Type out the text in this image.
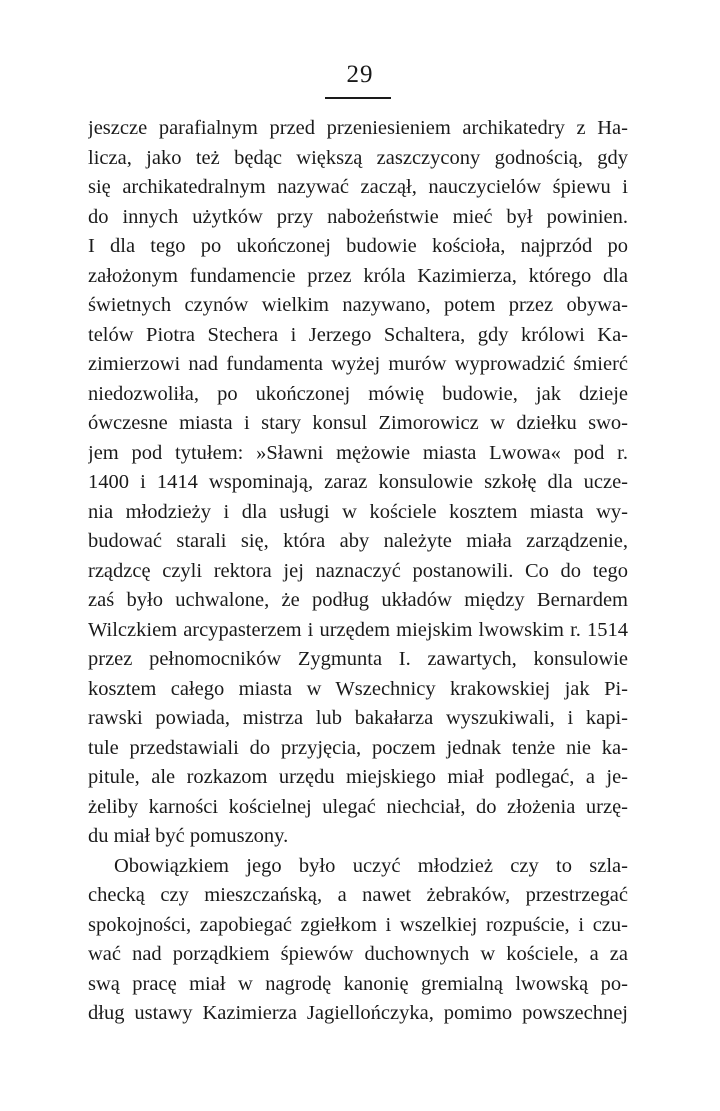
29
jeszcze parafialnym przed przeniesieniem archikatedry z Ha-
licza, jako też będąc większą zaszczycony godnością, gdy
się archikatedralnym nazywać zaczął, nauczycielów śpiewu i
do innych użytków przy nabożeństwie mieć był powinien.
I dla tego po ukończonej budowie kościoła, najprzód po
założonym fundamencie przez króla Kazimierza, którego dla
świetnych czynów wielkim nazywano, potem przez obywa-
telów Piotra Stechera i Jerzego Schaltera, gdy królowi Ka-
zimierzowi nad fundamenta wyżej murów wyprowadzić śmierć
niedozwoliła, po ukończonej mówię budowie, jak dzieje
ówczesne miasta i stary konsul Zimorowicz w dziełku swo-
jem pod tytułem: »Sławni mężowie miasta Lwowa« pod r.
1400 i 1414 wspominają, zaraz konsulowie szkołę dla ucze-
nia młodzieży i dla usługi w kościele kosztem miasta wy-
budować starali się, która aby należyte miała zarządzenie,
rządzcę czyli rektora jej naznaczyć postanowili. Co do tego
zaś było uchwalone, że podług układów między Bernardem
Wilczkiem arcypasterzem i urzędem miejskim lwowskim r. 1514
przez pełnomocników Zygmunta I. zawartych, konsulowie
kosztem całego miasta w Wszechnicy krakowskiej jak Pi-
rawski powiada, mistrza lub bakałarza wyszukiwali, i kapi-
tule przedstawiali do przyjęcia, poczem jednak tenże nie ka-
pitule, ale rozkazom urzędu miejskiego miał podlegać, a je-
żeliby karności kościelnej ulegać niechciał, do złożenia urzę-
du miał być pomuszony.
Obowiązkiem jego było uczyć młodzież czy to szla-
checką czy mieszczańską, a nawet żebraków, przestrzegać
spokojności, zapobiegać zgiełkom i wszelkiej rozpuście, i czu-
wać nad porządkiem śpiewów duchownych w kościele, a za
swą pracę miał w nagrodę kanonię gremialną lwowską po-
dług ustawy Kazimierza Jagiellończyka, pomimo powszechnej
